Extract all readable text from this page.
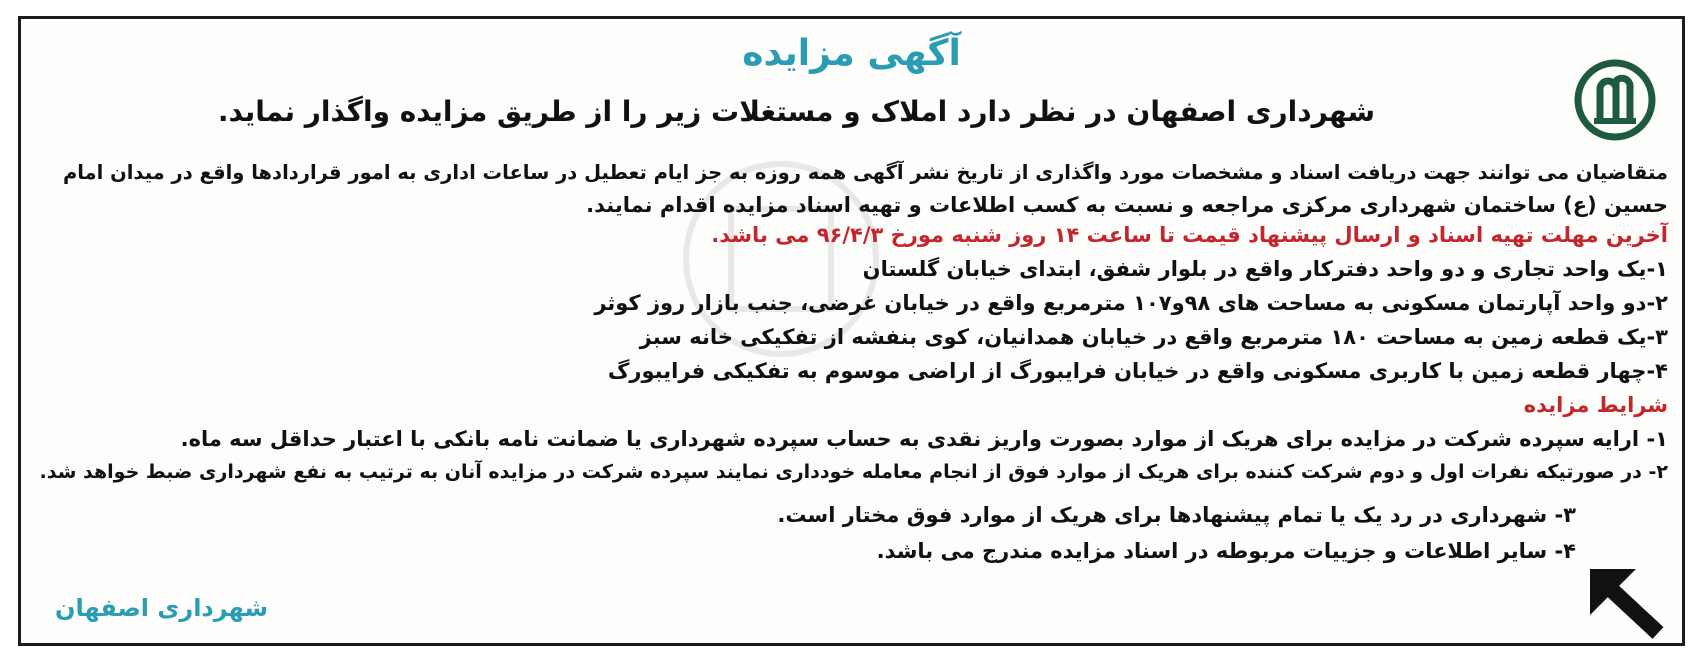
آگهی مزایده
شهرداری اصفهان در نظر دارد املاک و مستغلات زیر را از طریق مزایده واگذار نماید.
متقاضیان می توانند جهت دریافت اسناد و مشخصات مورد واگذاری از تاریخ نشر آگهی همه روزه به جز ایام تعطیل در ساعات اداری به امور قراردادها واقع در میدان امام
حسین (ع) ساختمان شهرداری مرکزی مراجعه و نسبت به کسب اطلاعات و تهیه اسناد مزایده اقدام نمایند.
آخرین مهلت تهیه اسناد و ارسال پیشنهاد قیمت تا ساعت ۱۴ روز شنبه مورخ ۹۶/۴/۳ می باشد.
۱-یک واحد تجاری و دو واحد دفترکار واقع در بلوار شفق، ابتدای خیابان گلستان
۲-دو واحد آپارتمان مسکونی به مساحت های ۹۸و۱۰۷ مترمربع واقع در خیابان غرضی، جنب بازار روز کوثر
۳-یک قطعه زمین به مساحت ۱۸۰ مترمربع واقع در خیابان همدانیان، کوی بنفشه از تفکیکی خانه سبز
۴-چهار قطعه زمین با کاربری مسکونی واقع در خیابان فرایبورگ از اراضی موسوم به تفکیکی فرایبورگ
شرایط مزایده
۱- ارایه سپرده شرکت در مزایده برای هریک از موارد بصورت واریز نقدی به حساب سپرده شهرداری یا ضمانت نامه بانکی با اعتبار حداقل سه ماه.
۲- در صورتیکه نفرات اول و دوم شرکت کننده برای هریک از موارد فوق از انجام معامله خودداری نمایند سپرده شرکت در مزایده آنان به ترتیب به نفع شهرداری ضبط خواهد شد.
۳- شهرداری در رد یک یا تمام پیشنهادها برای هریک از موارد فوق مختار است.
۴- سایر اطلاعات و جزییات مربوطه در اسناد مزایده مندرج می باشد.
شهرداری اصفهان
